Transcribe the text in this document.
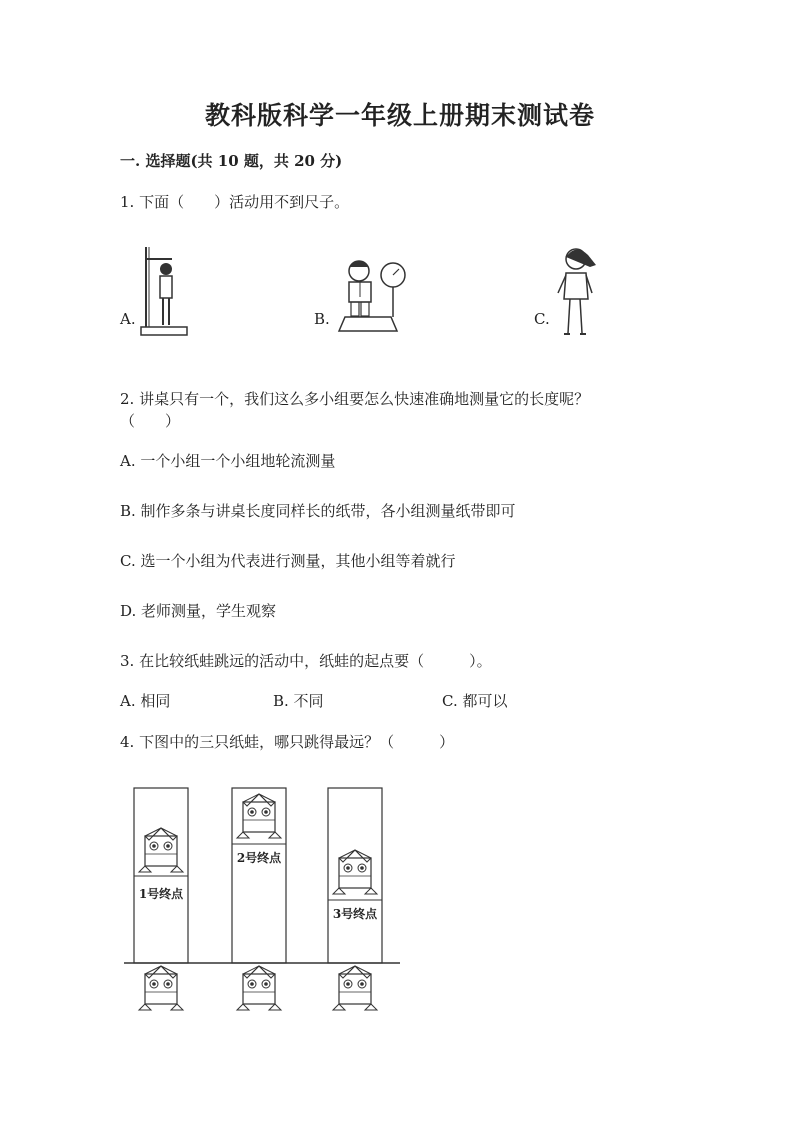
教科版科学一年级上册期末测试卷
一. 选择题(共 10 题，共 20 分)
1. 下面（　　）活动用不到尺子。
A.	B.	C.
2. 讲桌只有一个，我们这么多小组要怎么快速准确地测量它的长度呢？
（　　）
A. 一个小组一个小组地轮流测量
B. 制作多条与讲桌长度同样长的纸带，各小组测量纸带即可
C. 选一个小组为代表进行测量，其他小组等着就行
D. 老师测量，学生观察
3. 在比较纸蛙跳远的活动中，纸蛙的起点要（　　　）。
A. 相同	B. 不同	C. 都可以
4. 下图中的三只纸蛙，哪只跳得最远？（　　　）
1号终点
2号终点
3号终点
